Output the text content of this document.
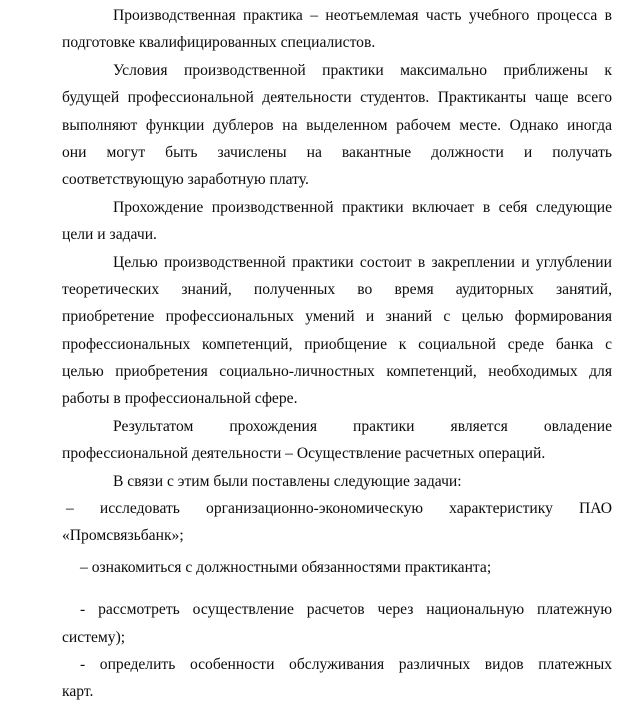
Производственная практика – неотъемлемая часть учебного процесса в
подготовке квалифицированных специалистов.
Условия производственной практики максимально приближены к
будущей профессиональной деятельности студентов. Практиканты чаще всего
выполняют функции дублеров на выделенном рабочем месте. Однако иногда
они могут быть зачислены на вакантные должности и получать
соответствующую заработную плату.
Прохождение производственной практики включает в себя следующие
цели и задачи.
Целью производственной практики состоит в закреплении и углублении
теоретических знаний, полученных во время аудиторных занятий,
приобретение профессиональных умений и знаний с целью формирования
профессиональных компетенций, приобщение к социальной среде банка с
целью приобретения социально-личностных компетенций, необходимых для
работы в профессиональной сфере.
Результатом прохождения практики является овладение
профессиональной деятельности – Осуществление расчетных операций.
В связи с этим были поставлены следующие задачи:
– исследовать организационно-экономическую характеристику ПАО
«Промсвязьбанк»;
– ознакомиться с должностными обязанностями практиканта;
- рассмотреть осуществление расчетов через национальную платежную
систему);
- определить особенности обслуживания различных видов платежных
карт.
